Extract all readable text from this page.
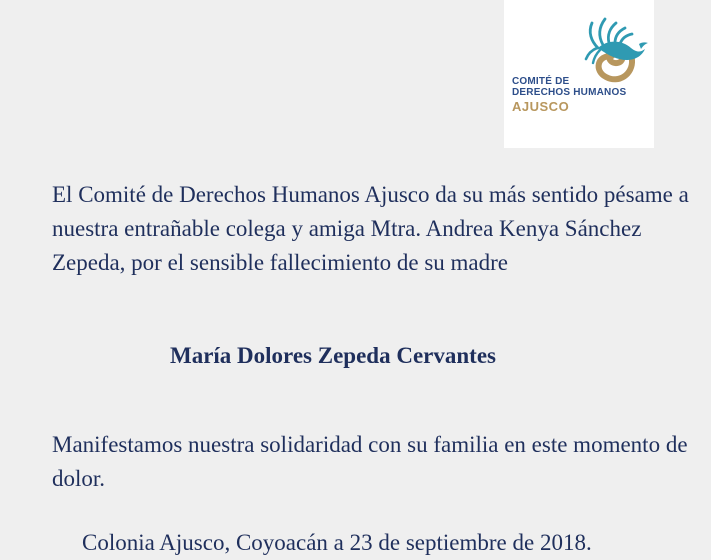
COMITÉ DE
DERECHOS HUMANOS
AJUSCO

El Comité de Derechos Humanos Ajusco da su más sentido pésame a nuestra entrañable colega y amiga Mtra. Andrea Kenya Sánchez Zepeda, por el sensible fallecimiento de su madre

María Dolores Zepeda Cervantes

Manifestamos nuestra solidaridad con su familia en este momento de dolor.

Colonia Ajusco, Coyoacán a 23 de septiembre de 2018.
